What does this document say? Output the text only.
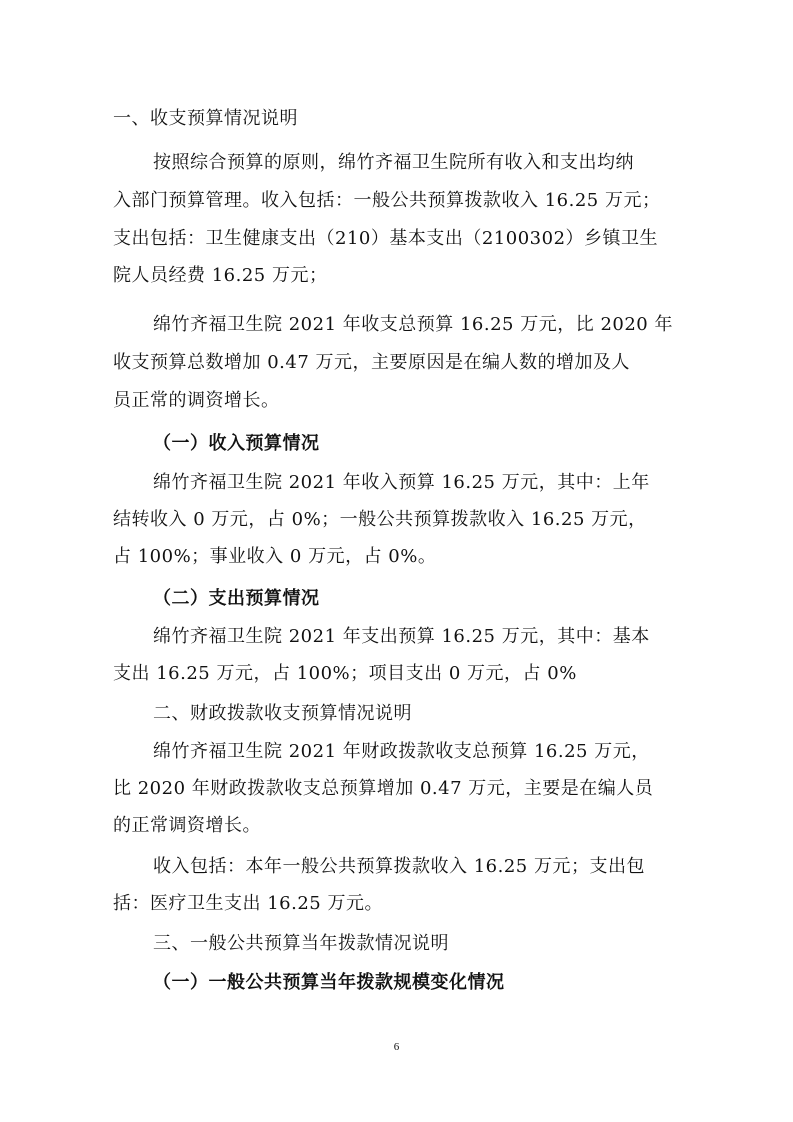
一、收支预算情况说明
按照综合预算的原则，绵竹齐福卫生院所有收入和支出均纳
入部门预算管理。收入包括：一般公共预算拨款收入 16.25 万元；
支出包括：卫生健康支出（210）基本支出（2100302）乡镇卫生
院人员经费 16.25 万元；
绵竹齐福卫生院 2021 年收支总预算 16.25 万元，比 2020 年
收支预算总数增加 0.47 万元，主要原因是在编人数的增加及人
员正常的调资增长。
（一）收入预算情况
绵竹齐福卫生院 2021 年收入预算 16.25 万元，其中：上年
结转收入 0 万元，占 0%；一般公共预算拨款收入 16.25 万元，
占 100%；事业收入 0 万元，占 0%。
（二）支出预算情况
绵竹齐福卫生院 2021 年支出预算 16.25 万元，其中：基本
支出 16.25 万元，占 100%；项目支出 0 万元，占 0%
二、财政拨款收支预算情况说明
绵竹齐福卫生院 2021 年财政拨款收支总预算 16.25 万元，
比 2020 年财政拨款收支总预算增加 0.47 万元，主要是在编人员
的正常调资增长。
收入包括：本年一般公共预算拨款收入 16.25 万元；支出包
括：医疗卫生支出 16.25 万元。
三、一般公共预算当年拨款情况说明
（一）一般公共预算当年拨款规模变化情况
6
